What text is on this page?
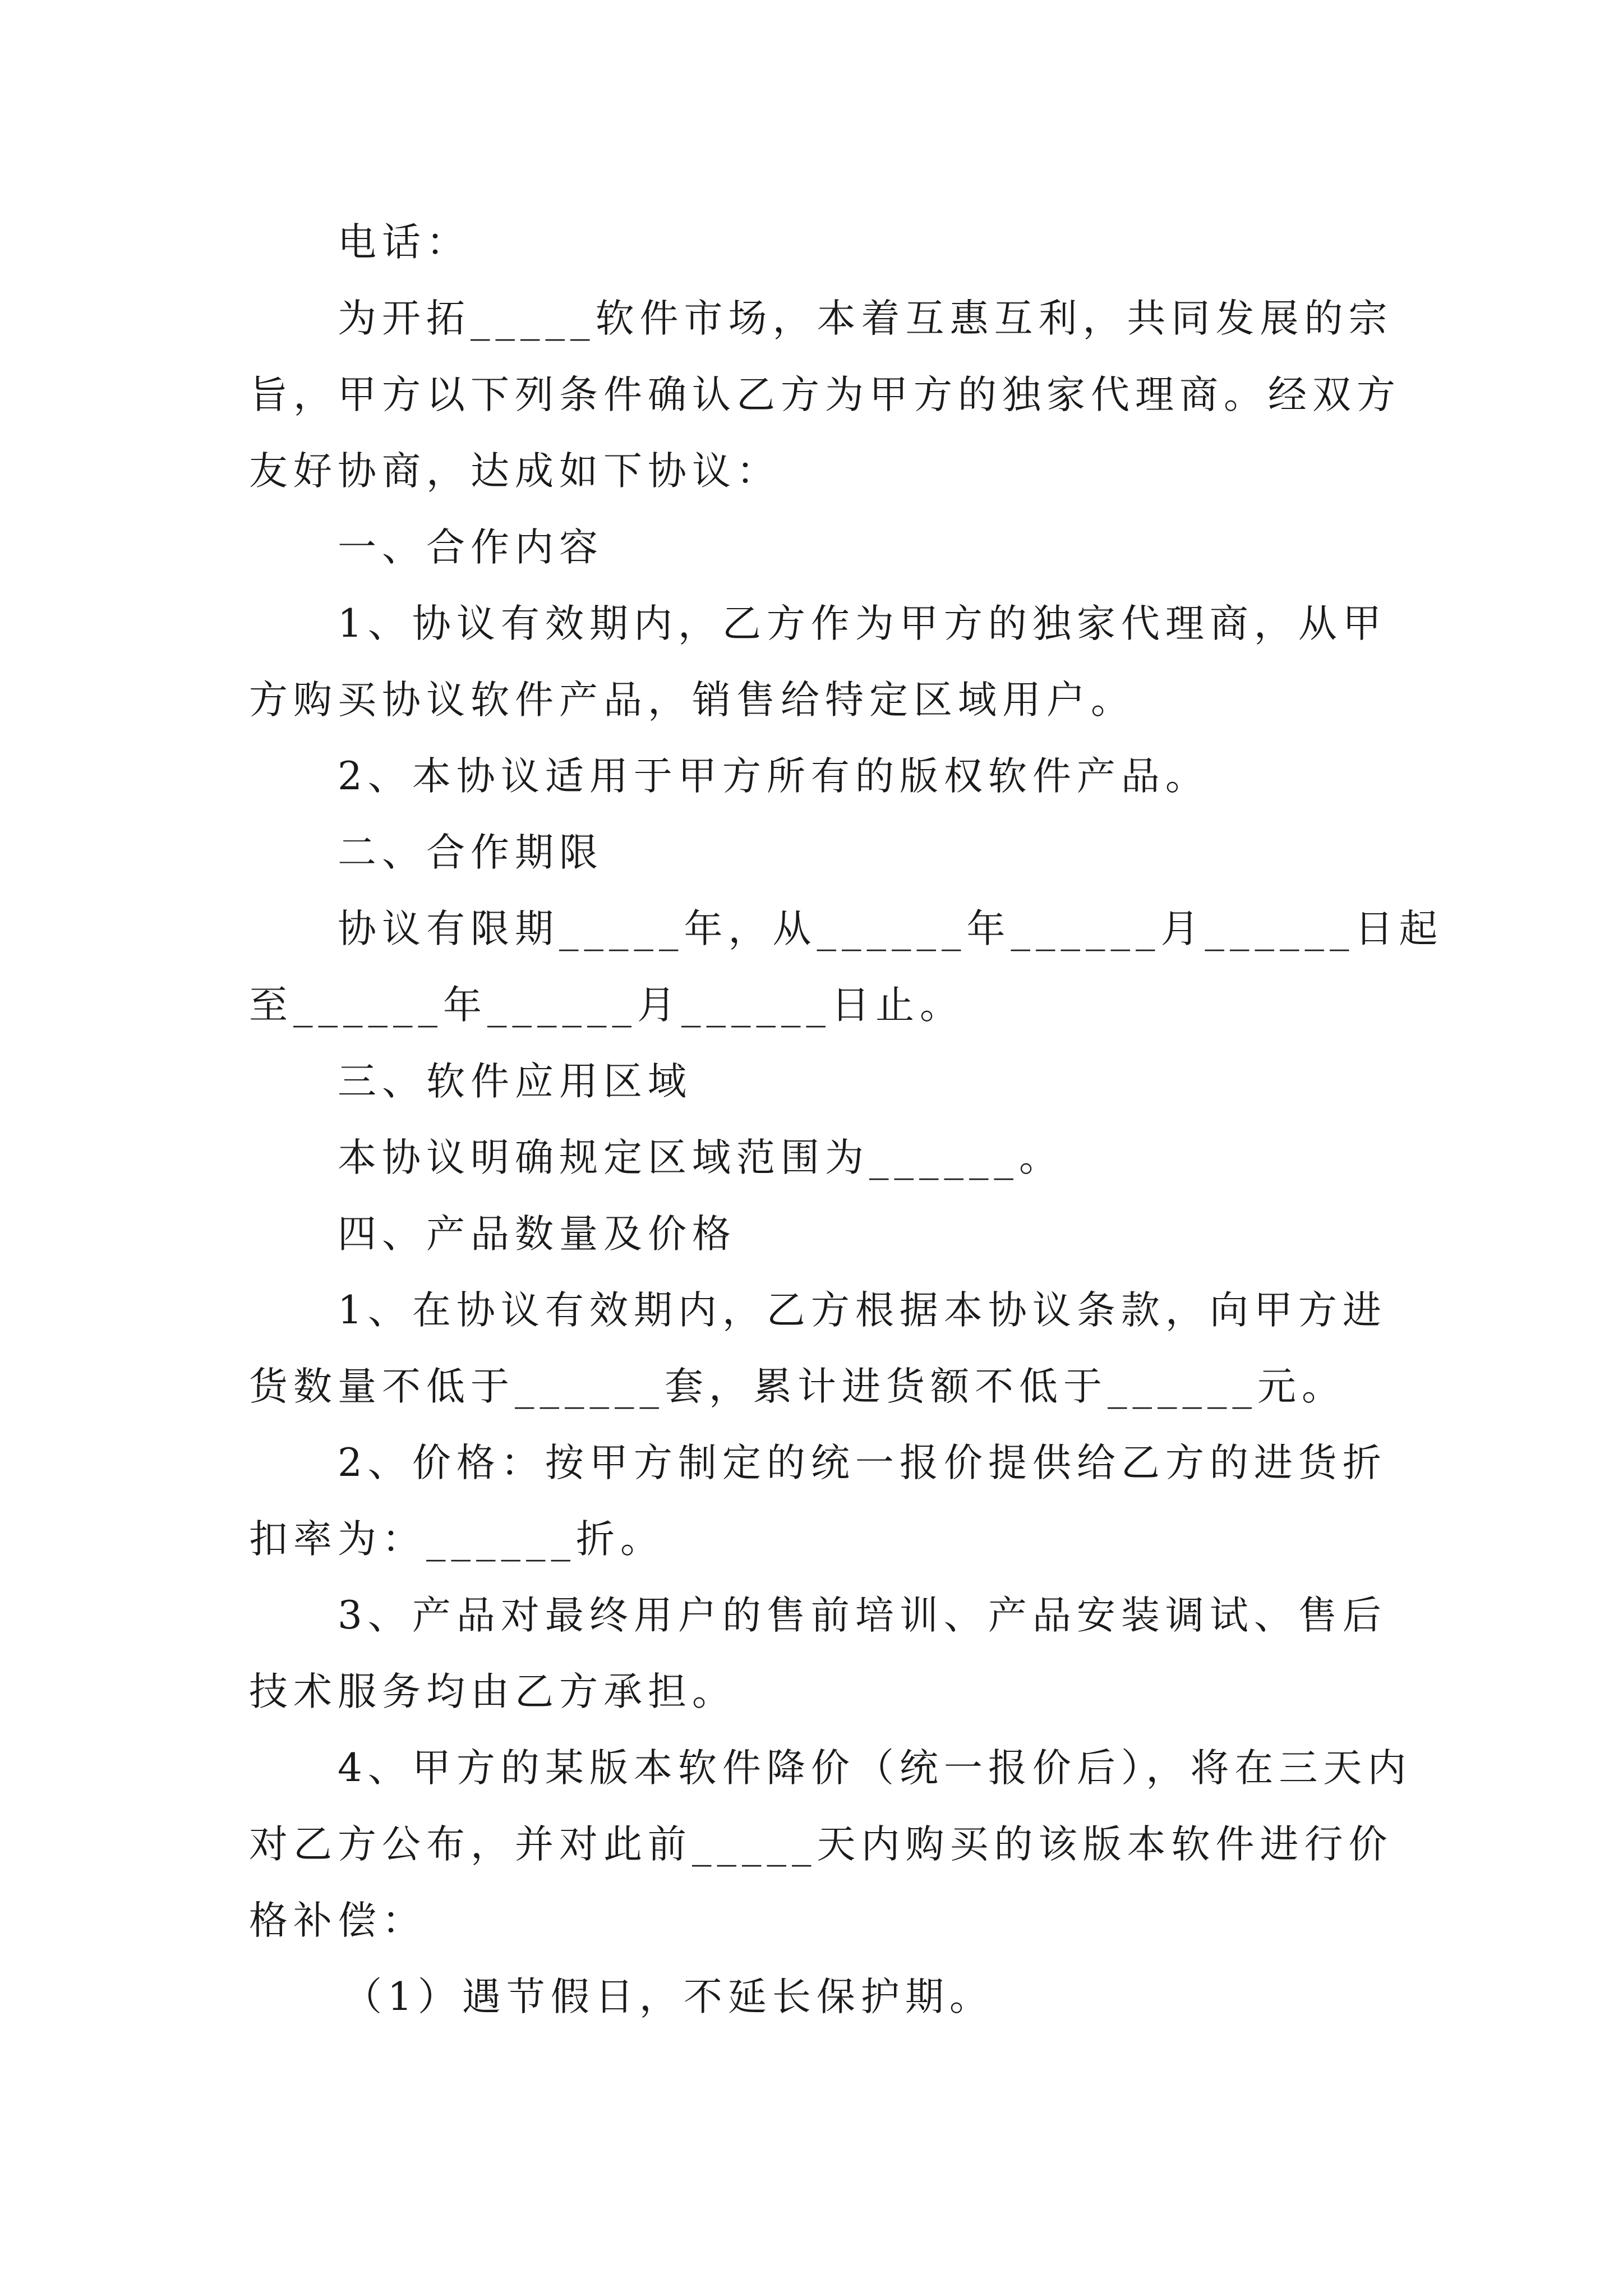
电话：
为开拓_____软件市场，本着互惠互利，共同发展的宗
旨，甲方以下列条件确认乙方为甲方的独家代理商。经双方
友好协商，达成如下协议：
一、合作内容
1、协议有效期内，乙方作为甲方的独家代理商，从甲
方购买协议软件产品，销售给特定区域用户。
2、本协议适用于甲方所有的版权软件产品。
二、合作期限
协议有限期_____年，从______年______月______日起
至______年______月______日止。
三、软件应用区域
本协议明确规定区域范围为______。
四、产品数量及价格
1、在协议有效期内，乙方根据本协议条款，向甲方进
货数量不低于______套，累计进货额不低于______元。
2、价格：按甲方制定的统一报价提供给乙方的进货折
扣率为：______折。
3、产品对最终用户的售前培训、产品安装调试、售后
技术服务均由乙方承担。
4、甲方的某版本软件降价（统一报价后），将在三天内
对乙方公布，并对此前_____天内购买的该版本软件进行价
格补偿：
（1）遇节假日，不延长保护期。
